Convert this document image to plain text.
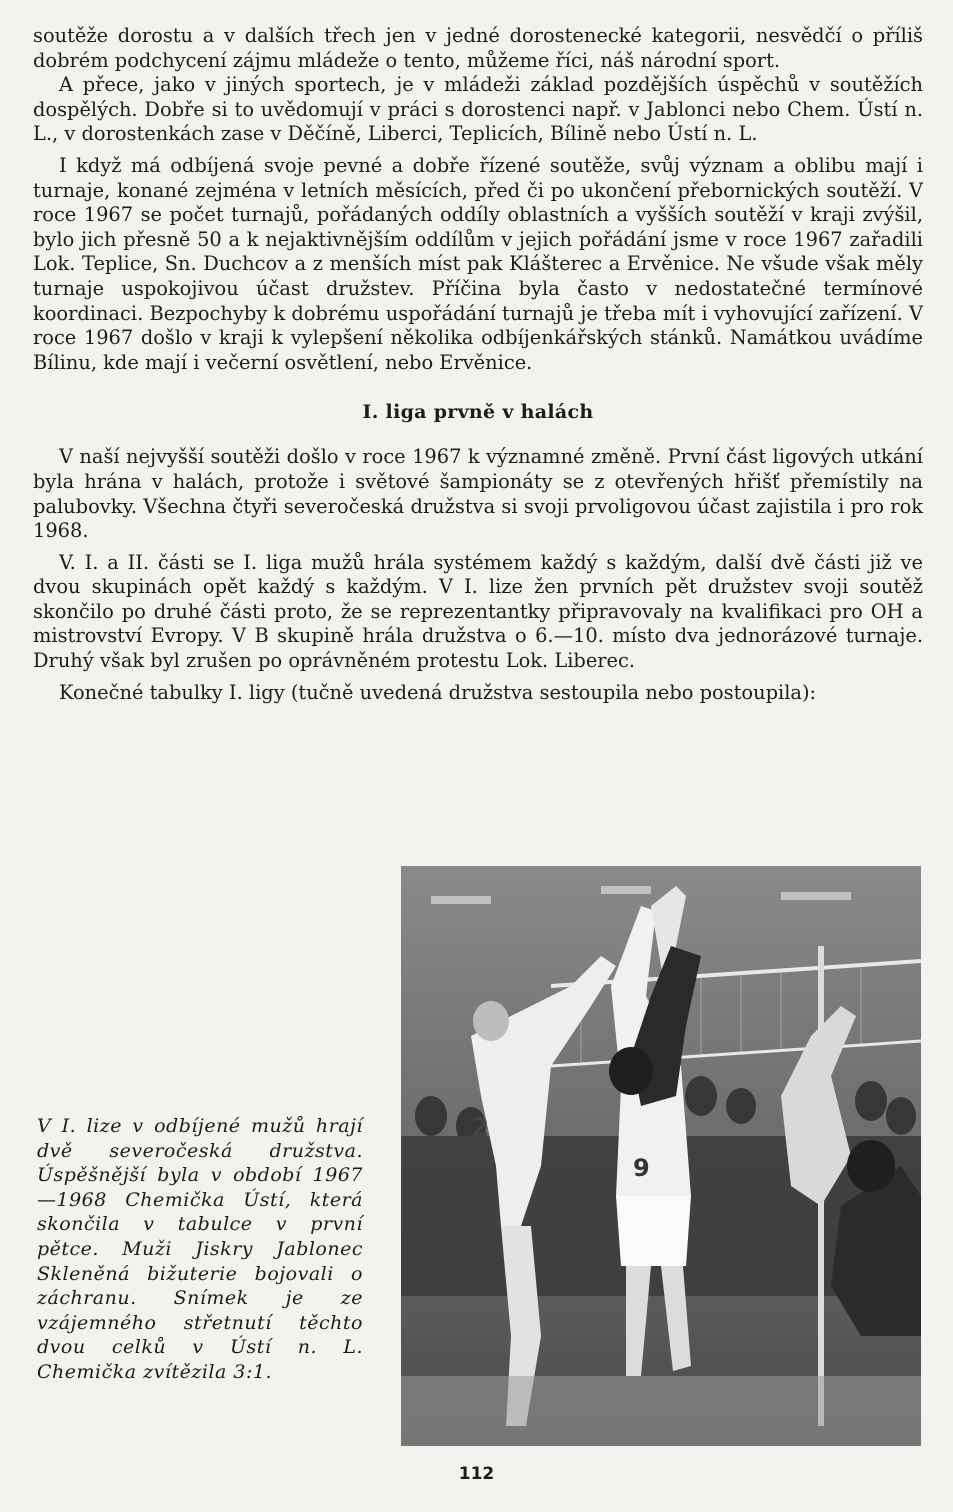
soutěže dorostu a v dalších třech jen v jedné dorostenecké kategorii, nesvědčí o příliš dobrém podchycení zájmu mládeže o tento, můžeme říci, náš národní sport.

A přece, jako v jiných sportech, je v mládeži základ pozdějších úspěchů v soutěžích dospělých. Dobře si to uvědomují v práci s dorostenci např. v Jablonci nebo Chem. Ústí n. L., v dorostenkách zase v Děčíně, Liberci, Teplicích, Bílině nebo Ústí n. L.

I když má odbíjená svoje pevné a dobře řízené soutěže, svůj význam a oblibu mají i turnaje, konané zejména v letních měsících, před či po ukončení přebornických soutěží. V roce 1967 se počet turnajů, pořádaných oddíly oblastních a vyšších soutěží v kraji zvýšil, bylo jich přesně 50 a k nejaktivnějším oddílům v jejich pořádání jsme v roce 1967 zařadili Lok. Teplice, Sn. Duchcov a z menších míst pak Klášterec a Ervěnice. Ne všude však měly turnaje uspokojivou účast družstev. Příčina byla často v nedostatečné termínové koordinaci. Bezpochyby k dobrému uspořádání turnajů je třeba mít i vyhovující zařízení. V roce 1967 došlo v kraji k vylepšení několika odbíjenkářských stánků. Namátkou uvádíme Bílinu, kde mají i večerní osvětlení, nebo Ervěnice.

I. liga prvně v halách

V naší nejvyšší soutěži došlo v roce 1967 k významné změně. První část ligových utkání byla hrána v halách, protože i světové šampionáty se z otevřených hřišť přemístily na palubovky. Všechna čtyři severočeská družstva si svoji prvoligovou účast zajistila i pro rok 1968.

V. I. a II. části se I. liga mužů hrála systémem každý s každým, další dvě části již ve dvou skupinách opět každý s každým. V I. lize žen prvních pět družstev svoji soutěž skončilo po druhé části proto, že se reprezentantky připravovaly na kvalifikaci pro OH a mistrovství Evropy. V B skupině hrála družstva o 6.—10. místo dva jednorázové turnaje. Druhý však byl zrušen po oprávněném protestu Lok. Liberec.

Konečné tabulky I. ligy (tučně uvedená družstva sestoupila nebo postoupila):

V I. lize v odbíjené mužů hrají dvě severočeská družstva. Úspěšnější byla v období 1967—1968 Chemička Ústí, která skončila v tabulce v první pětce. Muži Jiskry Jablonec Skleněná bižuterie bojovali o záchranu. Snímek je ze vzájemného střetnutí těchto dvou celků v Ústí n. L. Chemička zvítězila 3:1.
2
9
112
